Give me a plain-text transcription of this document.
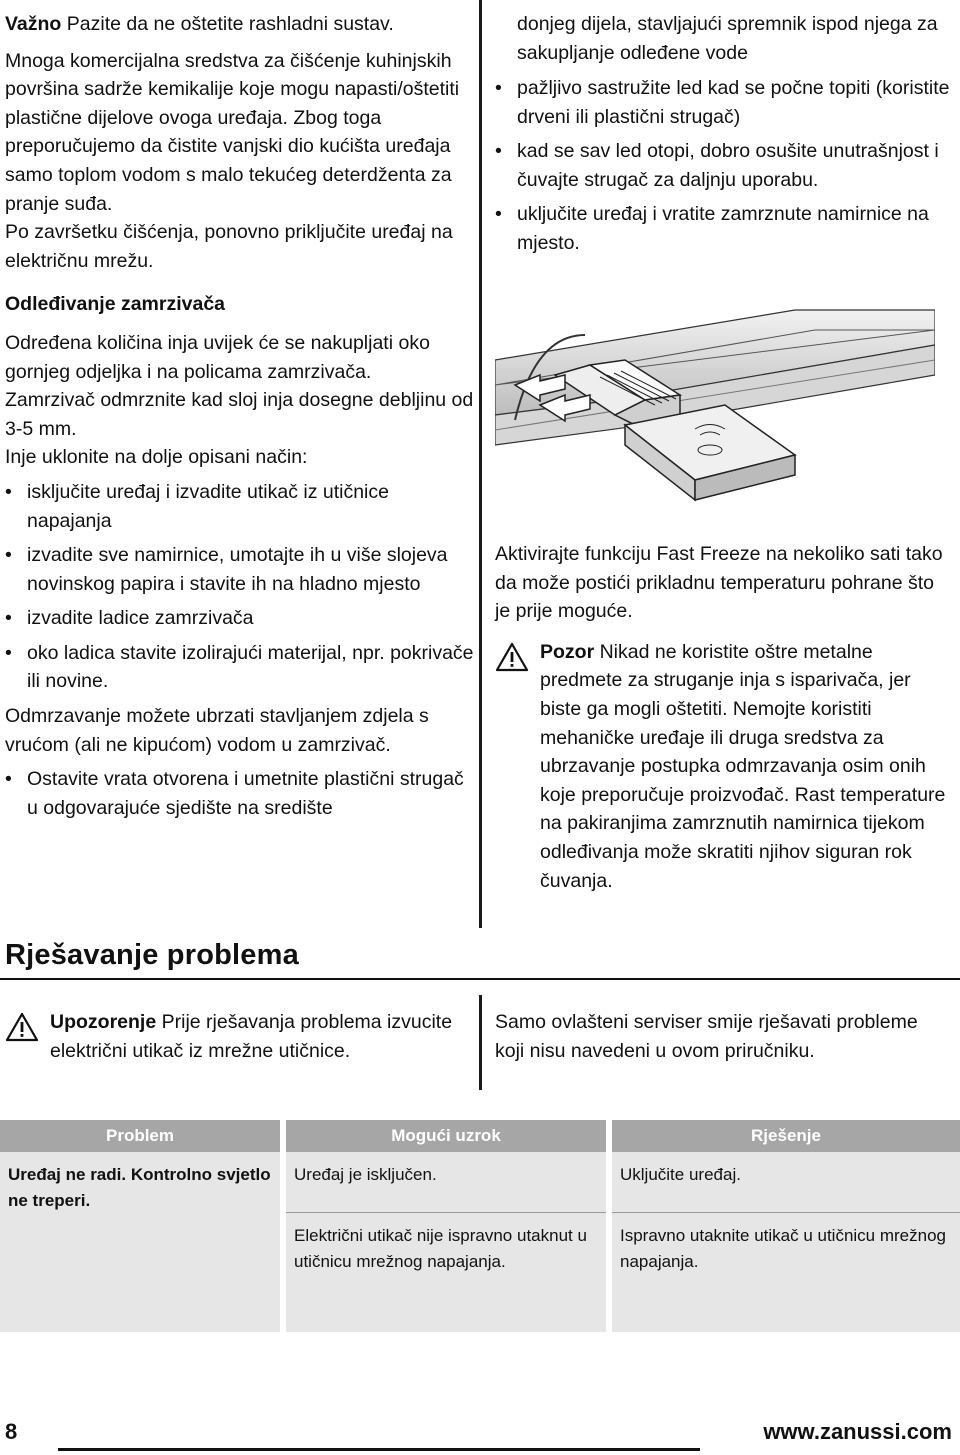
Važno Pazite da ne oštetite rashladni sustav.

Mnoga komercijalna sredstva za čišćenje kuhinjskih površina sadrže kemikalije koje mogu napasti/oštetiti plastične dijelove ovoga uređaja. Zbog toga preporučujemo da čistite vanjski dio kućišta uređaja samo toplom vodom s malo tekućeg deterdženta za pranje suđa.

Po završetku čišćenja, ponovno priključite uređaj na električnu mrežu.

Odleđivanje zamrzivača

Određena količina inja uvijek će se nakupljati oko gornjeg odjeljka i na policama zamrzivača.

Zamrzivač odmrznite kad sloj inja dosegne debljinu od 3-5 mm.

Inje uklonite na dolje opisani način:

• isključite uređaj i izvadite utikač iz utičnice napajanja
• izvadite sve namirnice, umotajte ih u više slojeva novinskog papira i stavite ih na hladno mjesto
• izvadite ladice zamrzivača
• oko ladica stavite izolirajući materijal, npr. pokrivače ili novine.

Odmrzavanje možete ubrzati stavljanjem zdjela s vrućom (ali ne kipućom) vodom u zamrzivač.

• Ostavite vrata otvorena i umetnite plastični strugač u odgovarajuće sjedište na središte

donjeg dijela, stavljajući spremnik ispod njega za sakupljanje odleđene vode

• pažljivo sastružite led kad se počne topiti (koristite drveni ili plastični strugač)
• kad se sav led otopi, dobro osušite unutrašnjost i čuvajte strugač za daljnju uporabu.
• uključite uređaj i vratite zamrznute namirnice na mjesto.

Aktivirajte funkciju Fast Freeze na nekoliko sati tako da može postići prikladnu temperaturu pohrane što je prije moguće.

Pozor Nikad ne koristite oštre metalne predmete za struganje inja s isparivača, jer biste ga mogli oštetiti. Nemojte koristiti mehaničke uređaje ili druga sredstva za ubrzavanje postupka odmrzavanja osim onih koje preporučuje proizvođač. Rast temperature na pakiranjima zamrznutih namirnica tijekom odleđivanja može skratiti njihov siguran rok čuvanja.

Rješavanje problema

Upozorenje Prije rješavanja problema izvucite električni utikač iz mrežne utičnice.

Samo ovlašteni serviser smije rješavati probleme koji nisu navedeni u ovom priručniku.

Problem		Mogući uzrok		Rješenje
Uređaj ne radi. Kontrolno svjetlo ne treperi.		Uređaj je isključen.		Uključite uređaj.

		Električni utikač nije ispravno utaknut u utičnicu mrežnog napajanja.		Ispravno utaknite utikač u utičnicu mrežnog napajanja.
8	www.zanussi.com
